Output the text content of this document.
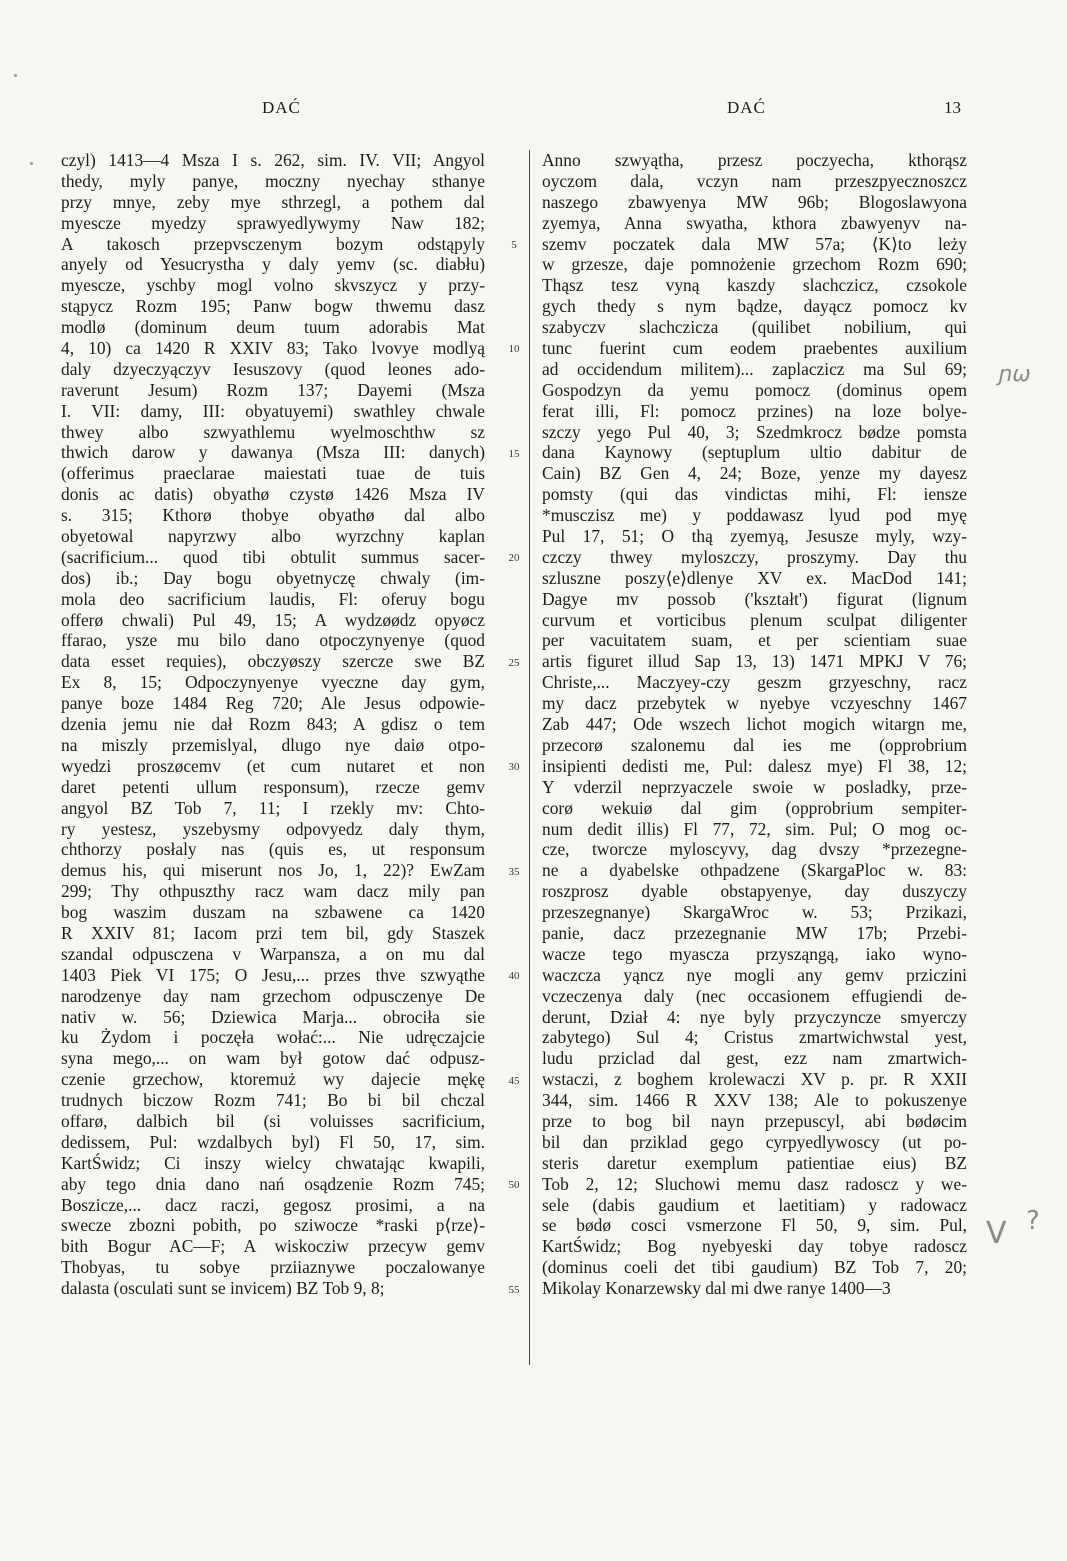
DAĆ	DAĆ	13
czyl) 1413—4 Msza I s. 262, sim. IV. VII; Angyol
thedy, myly panye, moczny nyechay sthanye
przy mnye, zeby mye sthrzegl, a pothem dal
myescze myedzy sprawyedlywymy Naw 182;
A takosch przepvsczenym bozym odstąpyly
anyely od Yesucrystha y daly yemv (sc. diabłu)
myescze, yschby mogl volno skvszycz y przy-
stąpycz Rozm 195; Panw bogw thwemu dasz
modlø (dominum deum tuum adorabis Mat
4, 10) ca 1420 R XXIV 83; Tako lvovye modlyą
daly dzyeczyączyv Iesuszovy (quod leones ado-
raverunt Jesum) Rozm 137; Dayemi (Msza
I. VII: damy, III: obyatuyemi) swathley chwale
thwey albo szwyathlemu wyelmoschthw sz
thwich darow y dawanya (Msza III: danych)
(offerimus praeclarae maiestati tuae de tuis
donis ac datis) obyathø czystø 1426 Msza IV
s. 315; Kthorø thobye obyathø dal albo
obyetowal napyrzwy albo wyrzchny kaplan
(sacrificium... quod tibi obtulit summus sacer-
dos) ib.; Day bogu obyetnyczę chwaly (im-
mola deo sacrificium laudis, Fl: oferuy bogu
offerø chwali) Pul 49, 15; A wydzøødz opyøcz
ffarao, ysze mu bilo dano otpoczynyenye (quod
data esset requies), obczyøszy szercze swe BZ
Ex 8, 15; Odpoczynyenye vyeczne day gym,
panye boze 1484 Reg 720; Ale Jesus odpowie-
dzenia jemu nie dał Rozm 843; A gdisz o tem
na miszly przemislyal, dlugo nye daiø otpo-
wyedzi proszøcemv (et cum nutaret et non
daret petenti ullum responsum), rzecze gemv
angyol BZ Tob 7, 11; I rzekly mv: Chto-
ry yestesz, yszebysmy odpovyedz daly thym,
chthorzy posłaly nas (quis es, ut responsum
demus his, qui miserunt nos Jo, 1, 22)? EwZam
299; Thy othpuszthy racz wam dacz mily pan
bog waszim duszam na szbawene ca 1420
R XXIV 81; Iacom przi tem bil, gdy Staszek
szandal odpusczena v Warpansza, a on mu dal
1403 Piek VI 175; O Jesu,... przes thve szwyąthe
narodzenye day nam grzechom odpusczenye De
nativ w. 56; Dziewica Marja... obrociła sie
ku Żydom i poczęła wołać:... Nie udręczajcie
syna mego,... on wam był gotow dać odpusz-
czenie grzechow, ktoremuż wy dajecie mękę
trudnych biczow Rozm 741; Bo bi bil chczal
offarø, dalbich bil (si voluisses sacrificium,
dedissem, Pul: wzdalbych byl) Fl 50, 17, sim.
KartŚwidz; Ci inszy wielcy chwatając kwapili,
aby tego dnia dano nań osądzenie Rozm 745;
Boszicze,... dacz raczi, gegosz prosimi, a na
swecze zbozni pobith, po sziwocze *raski p⟨rze⟩-
bith Bogur AC—F; A wiskoczіw przecyw gemv
Thobyas, tu sobye przііaznywe poczalowanye
dalasta (osculati sunt se invicem) BZ Tob 9, 8;
5
10
15
20
25
30
35
40
45
50
55
Anno szwyątha, przesz poczyecha, kthorąsz
oyczom dala, vczyn nam przeszpyecznoszcz
naszego zbawyenya MW 96b; Blogoslawyona
zyemya, Anna swyatha, kthora zbawyenyv na-
szemv poczatek dala MW 57a; ⟨K⟩to leży
w grzesze, daje pomnożenie grzechom Rozm 690;
Thąsz tesz vyną kaszdy slachczicz, czsokole
gych thedy s nym bądze, dayącz pomocz kv
szabyczv slachczicza (quilibet nobilium, qui
tunc fuerint cum eodem praebentes auxilium
ad occidendum militem)... zaplaczicz ma Sul 69;
Gospodzyn da yemu pomocz (dominus opem
ferat illi, Fl: pomocz przines) na loze bolye-
szczy yego Pul 40, 3; Szedmkrocz bødze pomsta
dana Kaynowy (septuplum ultio dabitur de
Cain) BZ Gen 4, 24; Boze, yenze my dayesz
pomsty (qui das vindictas mihi, Fl: iensze
*musczisz me) y poddawasz lyud pod myę
Pul 17, 51; O thą zyemyą, Jesusze myly, wzy-
czczy thwey myloszczy, proszymy. Day thu
szluszne poszy⟨e⟩dlenye XV ex. MacDod 141;
Dagye mv possob ('kształt') figurat (lignum
curvum et vorticibus plenum sculpat diligenter
per vacuitatem suam, et per scientiam suae
artis figuret illud Sap 13, 13) 1471 MPKJ V 76;
Christe,... Maczyey-czy geszm grzyeschny, racz
my dacz przebytek w nyebye vczyeschny 1467
Zab 447; Ode wszech lichot mogich witargn me,
przecorø szalonemu dal ies me (opprobrium
insipienti dedisti me, Pul: dalesz mye) Fl 38, 12;
Y vderzil neprzyaczele swoie w posladky, prze-
corø wekuiø dal gim (opprobrium sempiter-
num dedit illis) Fl 77, 72, sim. Pul; O mog oc-
cze, tworcze myloscyvy, dag dvszy *przezegne-
ne a dyabelske othpadzene (SkargaPloc w. 83:
roszprosz dyable obstapyenye, day duszyczy
przeszegnanye) SkargaWroc w. 53; Przikazi,
panie, dacz przezegnanie MW 17b; Przebi-
wacze tego myascza przysząngą, iako wyno-
waczcza yąncz nye mogli any gemv prziczini
vczeczenya daly (nec occasionem effugiendi de-
derunt, Dział 4: nye byly przyczyncze smyerczy
zabytego) Sul 4; Cristus zmartwichwstal yest,
ludu przіclad dal gest, ezz nam zmartwich-
wstaczi, z boghem krolewaczi XV p. pr. R XXII
344, sim. 1466 R XXV 138; Ale to pokuszenye
prze to bog bil nayn przepuscyl, abi bødøcim
bil dan przіklad gego cyrpyedlywoscy (ut po-
steris daretur exemplum patientiae eius) BZ
Tob 2, 12; Sluchowi memu dasz radoscz y we-
sele (dabis gaudium et laetitiam) y radowacz
se bødø cosci vsmerzone Fl 50, 9, sim. Pul,
KartŚwidz; Bog nyebyeski day tobye radoscz
(dominus coeli det tibi gaudium) BZ Tob 7, 20;
Mikolay Konarzewsky dal mi dwe ranye 1400—3
ɲω
V ?
